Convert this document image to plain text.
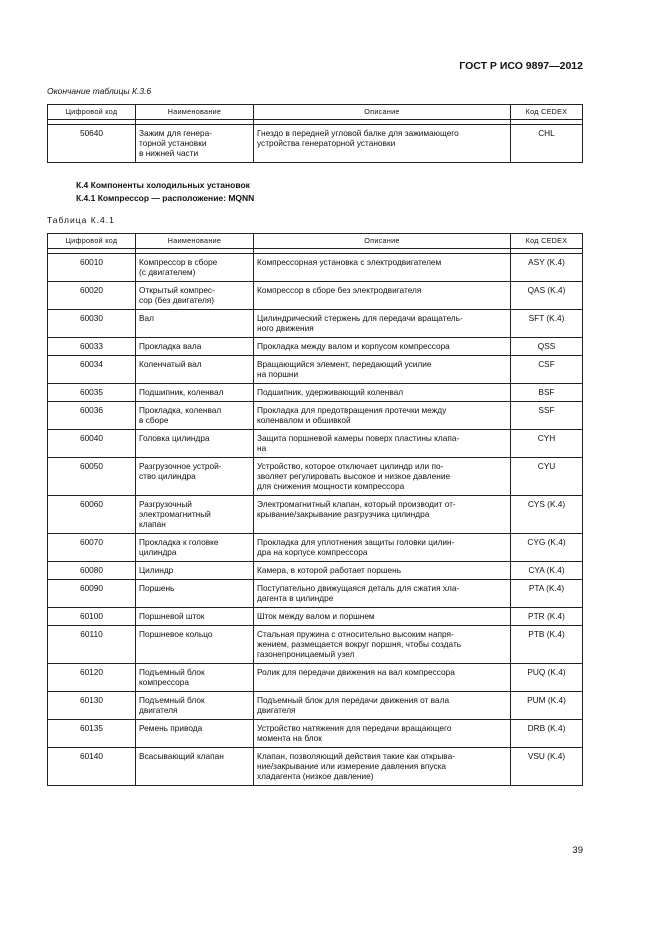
ГОСТ Р ИСО 9897—2012
Окончание таблицы К.3.6
Цифровой код	Наименование	Описание	Код CEDEX

50640	Зажим для генера-
торной установки
в нижней части	Гнездо в передней угловой балке для зажимающего
устройства генераторной установки	CHL
К.4 Компоненты холодильных установок
К.4.1 Компрессор — расположение: MQNN
Таблица К.4.1
Цифровой код	Наименование	Описание	Код CEDEX

60010	Компрессор в сборе
(с двигателем)	Компрессорная установка с электродвигателем	ASY (K.4)
60020	Открытый компрес-
сор (без двигателя)	Компрессор в сборе без электродвигателя	QAS (K.4)
60030	Вал	Цилиндрический стержень для передачи вращатель-
ного движения	SFT (K.4)
60033	Прокладка вала	Прокладка между валом и корпусом компрессора	QSS
60034	Коленчатый вал	Вращающийся элемент, передающий усилие
на поршни	CSF
60035	Подшипник, коленвал	Подшипник, удерживающий коленвал	BSF
60036	Прокладка, коленвал
в сборе	Прокладка для предотвращения протечки между
коленвалом и обшивкой	SSF
60040	Головка цилиндра	Защита поршневой камеры поверх пластины клапа-
на	CYH
60050	Разгрузочное устрой-
ство цилиндра	Устройство, которое отключает цилиндр или по-
зволяет регулировать высокое и низкое давление
для снижения мощности компрессора	CYU
60060	Разгрузочный
электромагнитный
клапан	Электромагнитный клапан, который производит от-
крывание/закрывание разгрузчика цилиндра	CYS (K.4)
60070	Прокладка к головке
цилиндра	Прокладка для уплотнения защиты головки цилин-
дра на корпусе компрессора	CYG (K.4)
60080	Цилиндр	Камера, в которой работает поршень	CYA (K.4)
60090	Поршень	Поступательно движущаяся деталь для сжатия хла-
дагента в цилиндре	PTA (K.4)
60100	Поршневой шток	Шток между валом и поршнем	PTR (K.4)
60110	Поршневое кольцо	Стальная пружина с относительно высоким напря-
жением, размещается вокруг поршня, чтобы создать
газонепроницаемый узел	PTB (K.4)
60120	Подъемный блок
компрессора	Ролик для передачи движения на вал компрессора	PUQ (K.4)
60130	Подъемный блок
двигателя	Подъемный блок для передачи движения от вала
двигателя	PUM (K.4)
60135	Ремень привода	Устройство натяжения для передачи вращающего
момента на блок	DRB (K.4)
60140	Всасывающий клапан	Клапан, позволяющий действия такие как открыва-
ние/закрывание или измерение давления впуска
хладагента (низкое давление)	VSU (K.4)
39
